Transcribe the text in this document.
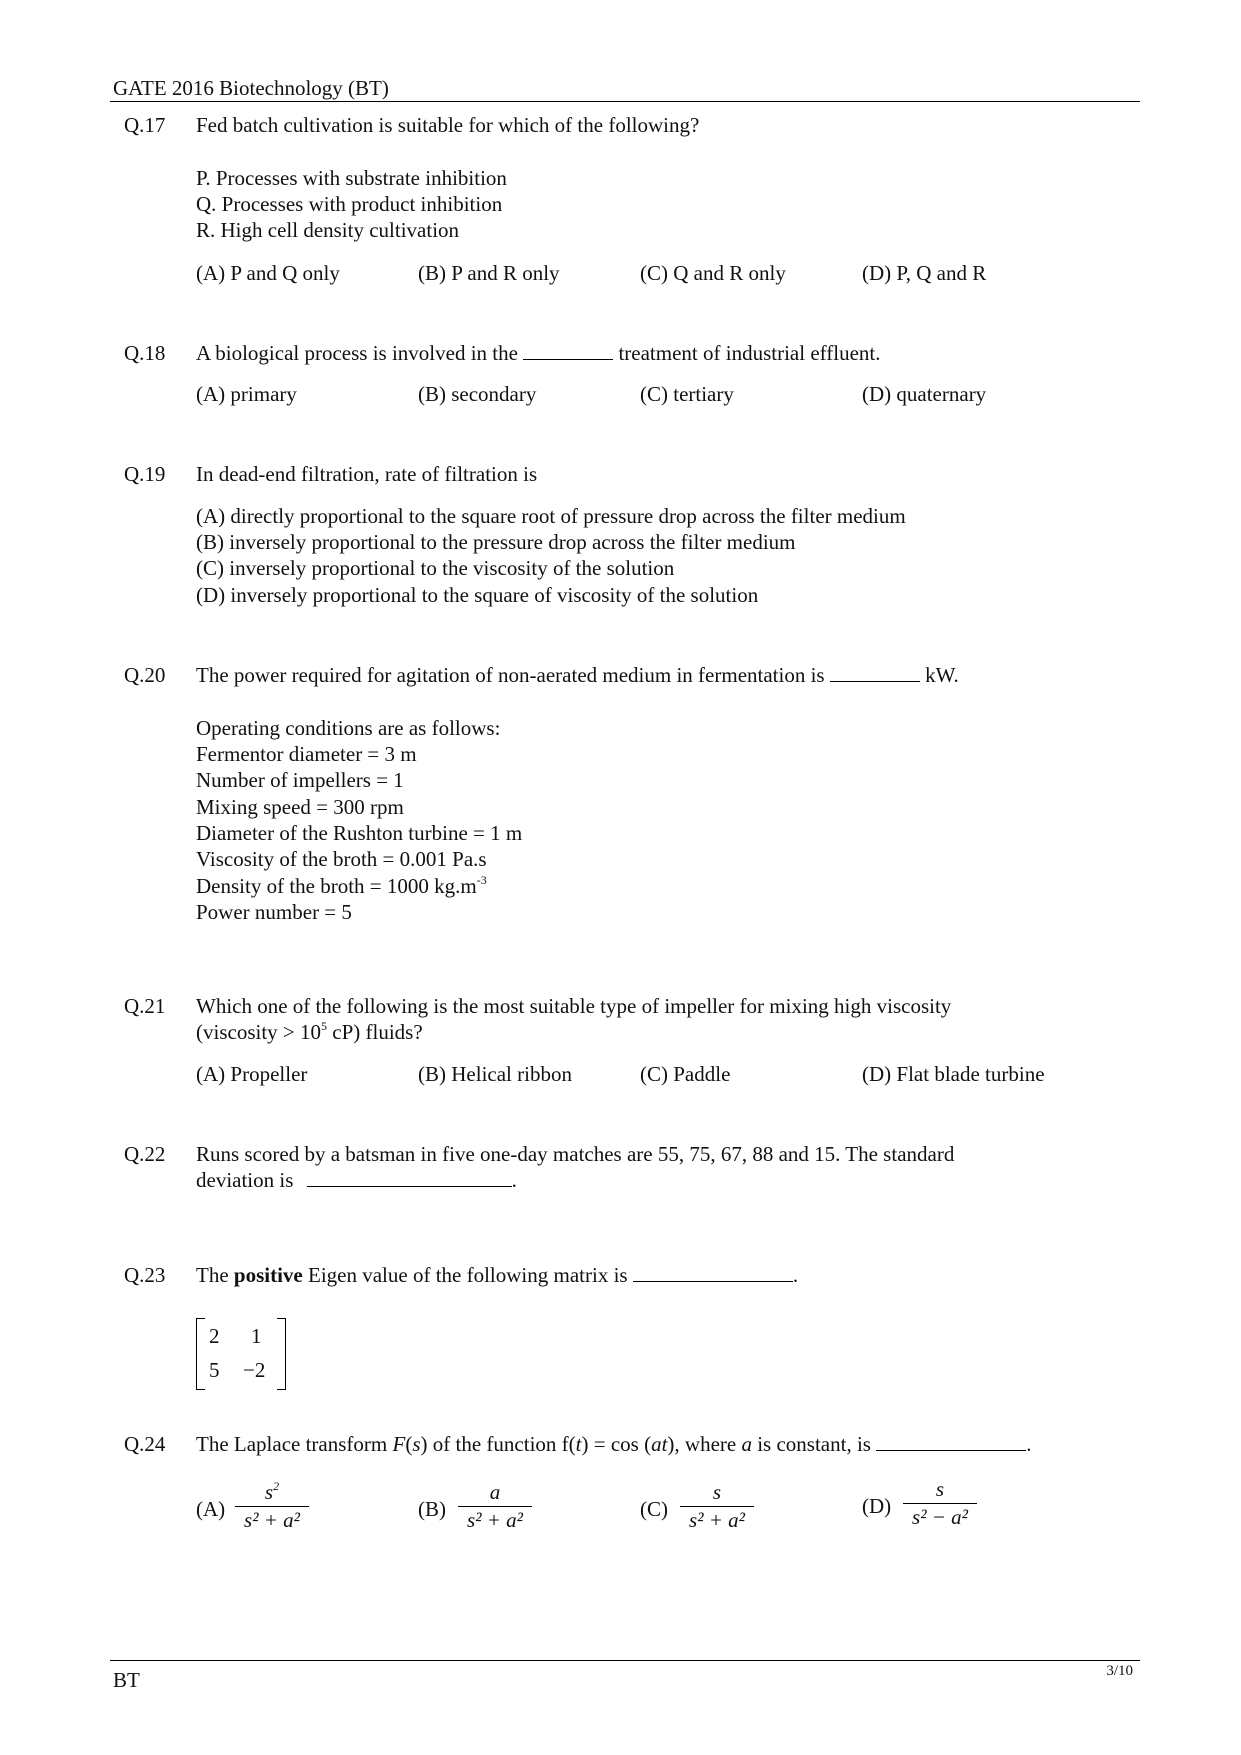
GATE 2016 Biotechnology (BT)
Q.17 Fed batch cultivation is suitable for which of the following?
P. Processes with substrate inhibition
Q. Processes with product inhibition
R. High cell density cultivation
(A) P and Q only	(B) P and R only	(C) Q and R only	(D) P, Q and R
Q.18 A biological process is involved in the	treatment of industrial effluent.
(A) primary	(B) secondary	(C) tertiary	(D) quaternary
Q.19 In dead-end filtration, rate of filtration is
(A) directly proportional to the square root of pressure drop across the filter medium
(B) inversely proportional to the pressure drop across the filter medium
(C) inversely proportional to the viscosity of the solution
(D) inversely proportional to the square of viscosity of the solution
Q.20 The power required for agitation of non-aerated medium in fermentation is	kW.
Operating conditions are as follows:
Fermentor diameter = 3 m
Number of impellers = 1
Mixing speed = 300 rpm
Diameter of the Rushton turbine = 1 m
Viscosity of the broth = 0.001 Pa.s
Density of the broth = 1000 $kg.m^{-3}$
Power number = 5
Q.21 Which one of the following is the most suitable type of impeller for mixing high viscosity
(viscosity > $10^5$ cP) fluids?
(A) Propeller	(B) Helical ribbon	(C) Paddle	(D) Flat blade turbine
Q.22 Runs scored by a batsman in five one-day matches are 55, 75, 67, 88 and 15. The standard
deviation is	.
Q.23 The positive Eigen value of the following matrix is	.
2 1
5 −2
Q.24 The Laplace transform F(s) of the function f(t) = cos (at), where a is constant, is	.
(A)
$s^2$
s² + a²	(B)
a
s² + a²	(C)
s
s² + a²
(D)
s
s² − a²
BT	3/10
